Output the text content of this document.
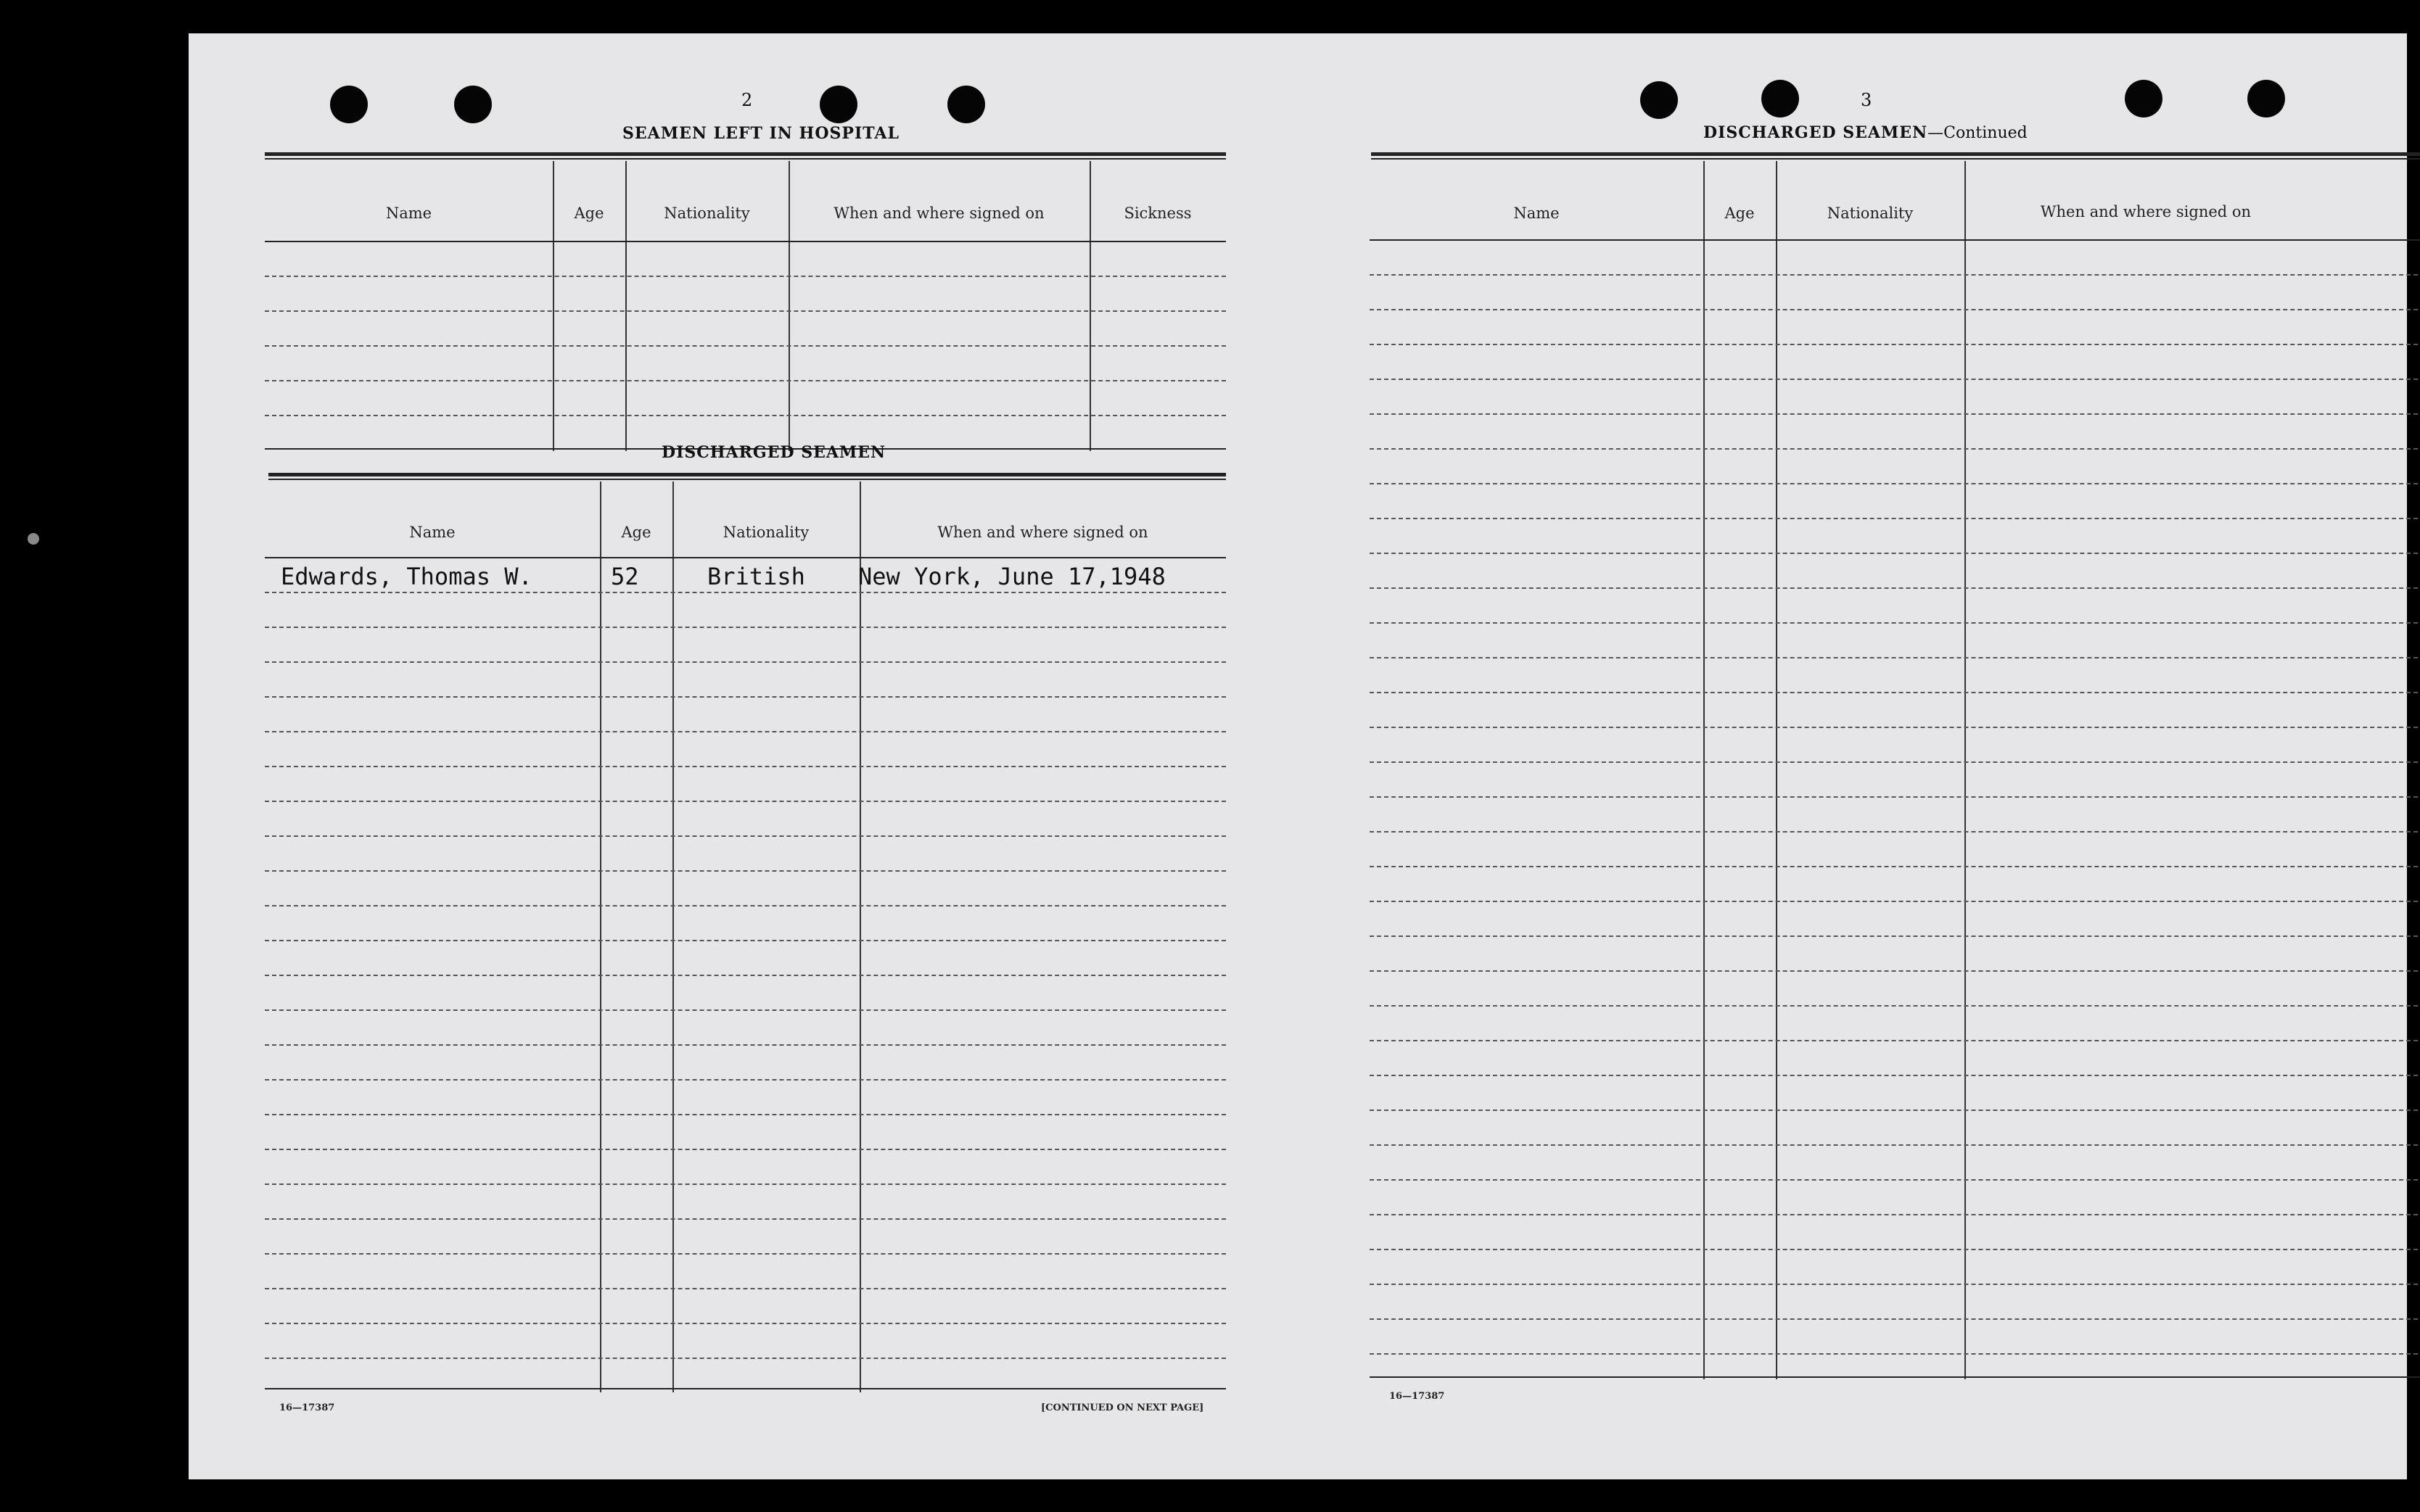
2
SEAMEN LEFT IN HOSPITAL
Name	Age	Nationality	When and where signed on	Sickness
DISCHARGED SEAMEN
Name	Age	Nationality	When and where signed on
Edwards, Thomas W.	52	British New York, June 17,1948
16—17387	[CONTINUED ON NEXT PAGE]
3
DISCHARGED SEAMEN—Continued
Name	Age	Nationality	When and where signed on
16—17387
